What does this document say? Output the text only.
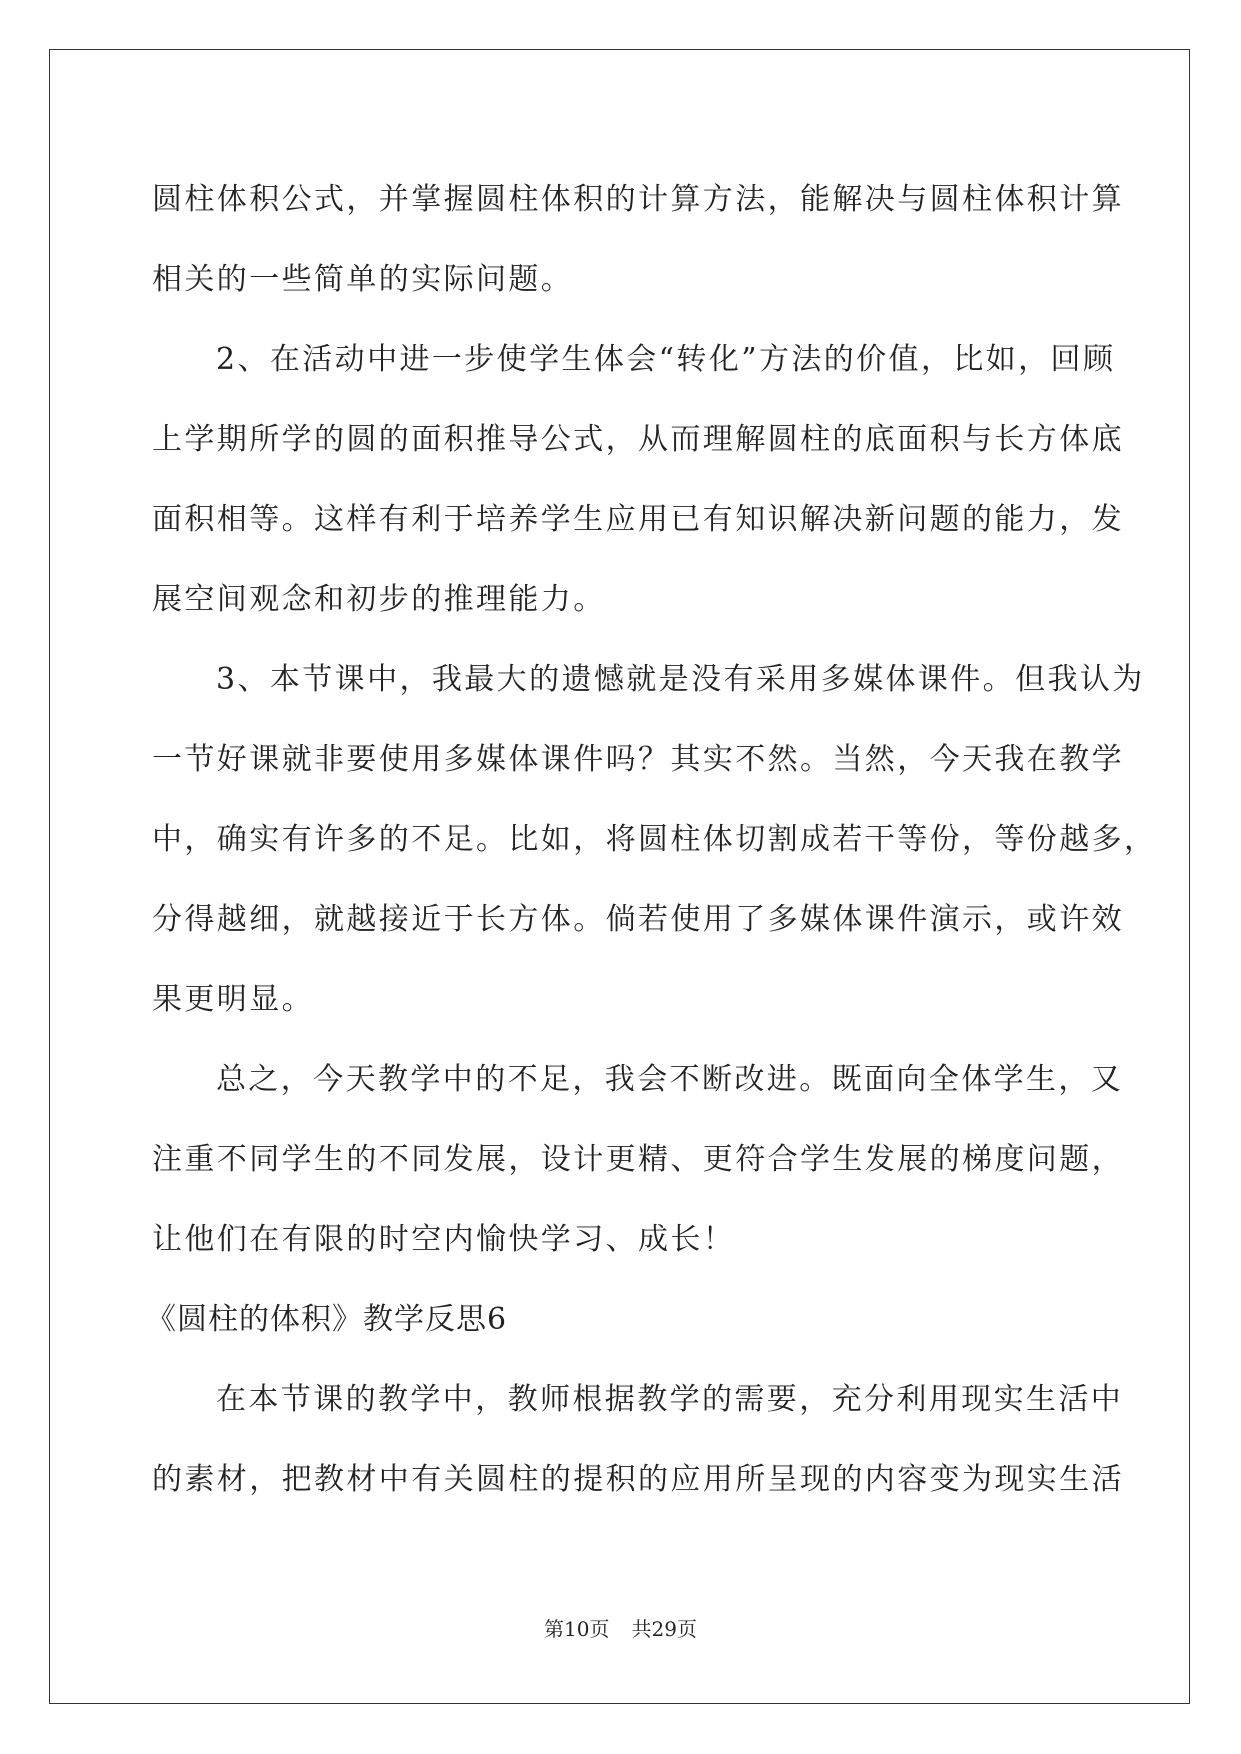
圆柱体积公式，并掌握圆柱体积的计算方法，能解决与圆柱体积计算
相关的一些简单的实际问题。
2、在活动中进一步使学生体会“转化”方法的价值，比如，回顾
上学期所学的圆的面积推导公式，从而理解圆柱的底面积与长方体底
面积相等。这样有利于培养学生应用已有知识解决新问题的能力，发
展空间观念和初步的推理能力。
3、本节课中，我最大的遗憾就是没有采用多媒体课件。但我认为
一节好课就非要使用多媒体课件吗？其实不然。当然，今天我在教学
中，确实有许多的不足。比如，将圆柱体切割成若干等份，等份越多，
分得越细，就越接近于长方体。倘若使用了多媒体课件演示，或许效
果更明显。
总之，今天教学中的不足，我会不断改进。既面向全体学生，又
注重不同学生的不同发展，设计更精、更符合学生发展的梯度问题，
让他们在有限的时空内愉快学习、成长！
《圆柱的体积》教学反思6
在本节课的教学中，教师根据教学的需要，充分利用现实生活中
的素材，把教材中有关圆柱的提积的应用所呈现的内容变为现实生活
第10页 共29页
